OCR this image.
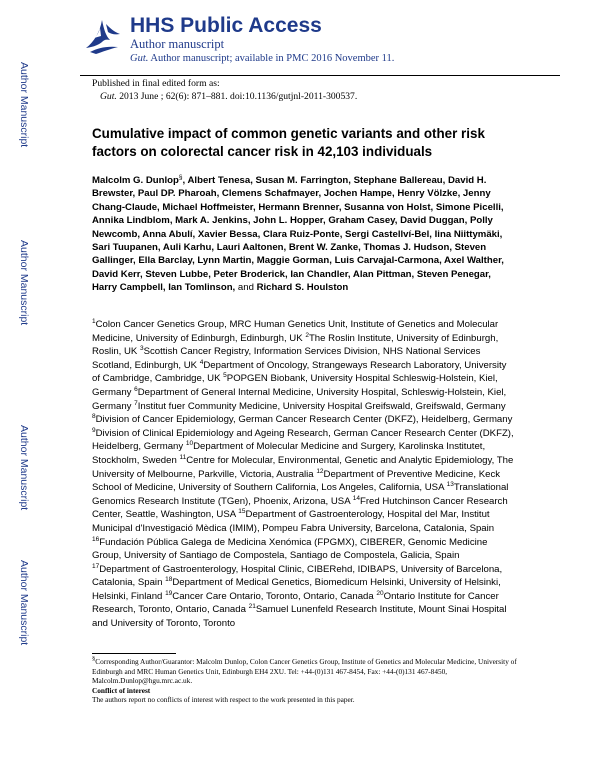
Author Manuscript
Author Manuscript
Author Manuscript
Author Manuscript
HHS Public Access
Author manuscript
Gut. Author manuscript; available in PMC 2016 November 11.
Published in final edited form as:
Gut. 2013 June ; 62(6): 871–881. doi:10.1136/gutjnl-2011-300537.
Cumulative impact of common genetic variants and other risk factors on colorectal cancer risk in 42,103 individuals
Malcolm G. Dunlop§, Albert Tenesa, Susan M. Farrington, Stephane Ballereau, David H. Brewster, Paul DP. Pharoah, Clemens Schafmayer, Jochen Hampe, Henry Völzke, Jenny Chang-Claude, Michael Hoffmeister, Hermann Brenner, Susanna von Holst, Simone Picelli, Annika Lindblom, Mark A. Jenkins, John L. Hopper, Graham Casey, David Duggan, Polly Newcomb, Anna Abulí, Xavier Bessa, Clara Ruiz-Ponte, Sergi Castellví-Bel, Iina Niittymäki, Sari Tuupanen, Auli Karhu, Lauri Aaltonen, Brent W. Zanke, Thomas J. Hudson, Steven Gallinger, Ella Barclay, Lynn Martin, Maggie Gorman, Luis Carvajal-Carmona, Axel Walther, David Kerr, Steven Lubbe, Peter Broderick, Ian Chandler, Alan Pittman, Steven Penegar, Harry Campbell, Ian Tomlinson, and Richard S. Houlston
$^1$Colon Cancer Genetics Group, MRC Human Genetics Unit, Institute of Genetics and Molecular Medicine, University of Edinburgh, Edinburgh, UK $^2$The Roslin Institute, University of Edinburgh, Roslin, UK $^3$Scottish Cancer Registry, Information Services Division, NHS National Services Scotland, Edinburgh, UK $^4$Department of Oncology, Strangeways Research Laboratory, University of Cambridge, Cambridge, UK $^5$POPGEN Biobank, University Hospital Schleswig-Holstein, Kiel, Germany $^6$Department of General Internal Medicine, University Hospital, Schleswig-Holstein, Kiel, Germany $^7$Institut fuer Community Medicine, University Hospital Greifswald, Greifswald, Germany $^8$Division of Cancer Epidemiology, German Cancer Research Center (DKFZ), Heidelberg, Germany $^9$Division of Clinical Epidemiology and Ageing Research, German Cancer Research Center (DKFZ), Heidelberg, Germany $^{10}$Department of Molecular Medicine and Surgery, Karolinska Institutet, Stockholm, Sweden $^{11}$Centre for Molecular, Environmental, Genetic and Analytic Epidemiology, The University of Melbourne, Parkville, Victoria, Australia $^{12}$Department of Preventive Medicine, Keck School of Medicine, University of Southern California, Los Angeles, California, USA $^{13}$Translational Genomics Research Institute (TGen), Phoenix, Arizona, USA $^{14}$Fred Hutchinson Cancer Research Center, Seattle, Washington, USA $^{15}$Department of Gastroenterology, Hospital del Mar, Institut Municipal d'Investigació Mèdica (IMIM), Pompeu Fabra University, Barcelona, Catalonia, Spain $^{16}$Fundación Pública Galega de Medicina Xenómica (FPGMX), CIBERER, Genomic Medicine Group, University of Santiago de Compostela, Santiago de Compostela, Galicia, Spain $^{17}$Department of Gastroenterology, Hospital Clinic, CIBERehd, IDIBAPS, University of Barcelona, Catalonia, Spain $^{18}$Department of Medical Genetics, Biomedicum Helsinki, University of Helsinki, Helsinki, Finland $^{19}$Cancer Care Ontario, Toronto, Ontario, Canada $^{20}$Ontario Institute for Cancer Research, Toronto, Ontario, Canada $^{21}$Samuel Lunenfeld Research Institute, Mount Sinai Hospital and University of Toronto, Toronto
§Corresponding Author/Guarantor: Malcolm Dunlop, Colon Cancer Genetics Group, Institute of Genetics and Molecular Medicine, University of Edinburgh and MRC Human Genetics Unit, Edinburgh EH4 2XU. Tel: +44-(0)131 467-8454, Fax: +44-(0)131 467-8450, Malcolm.Dunlop@hgu.mrc.ac.uk.
Conflict of interest
The authors report no conflicts of interest with respect to the work presented in this paper.
